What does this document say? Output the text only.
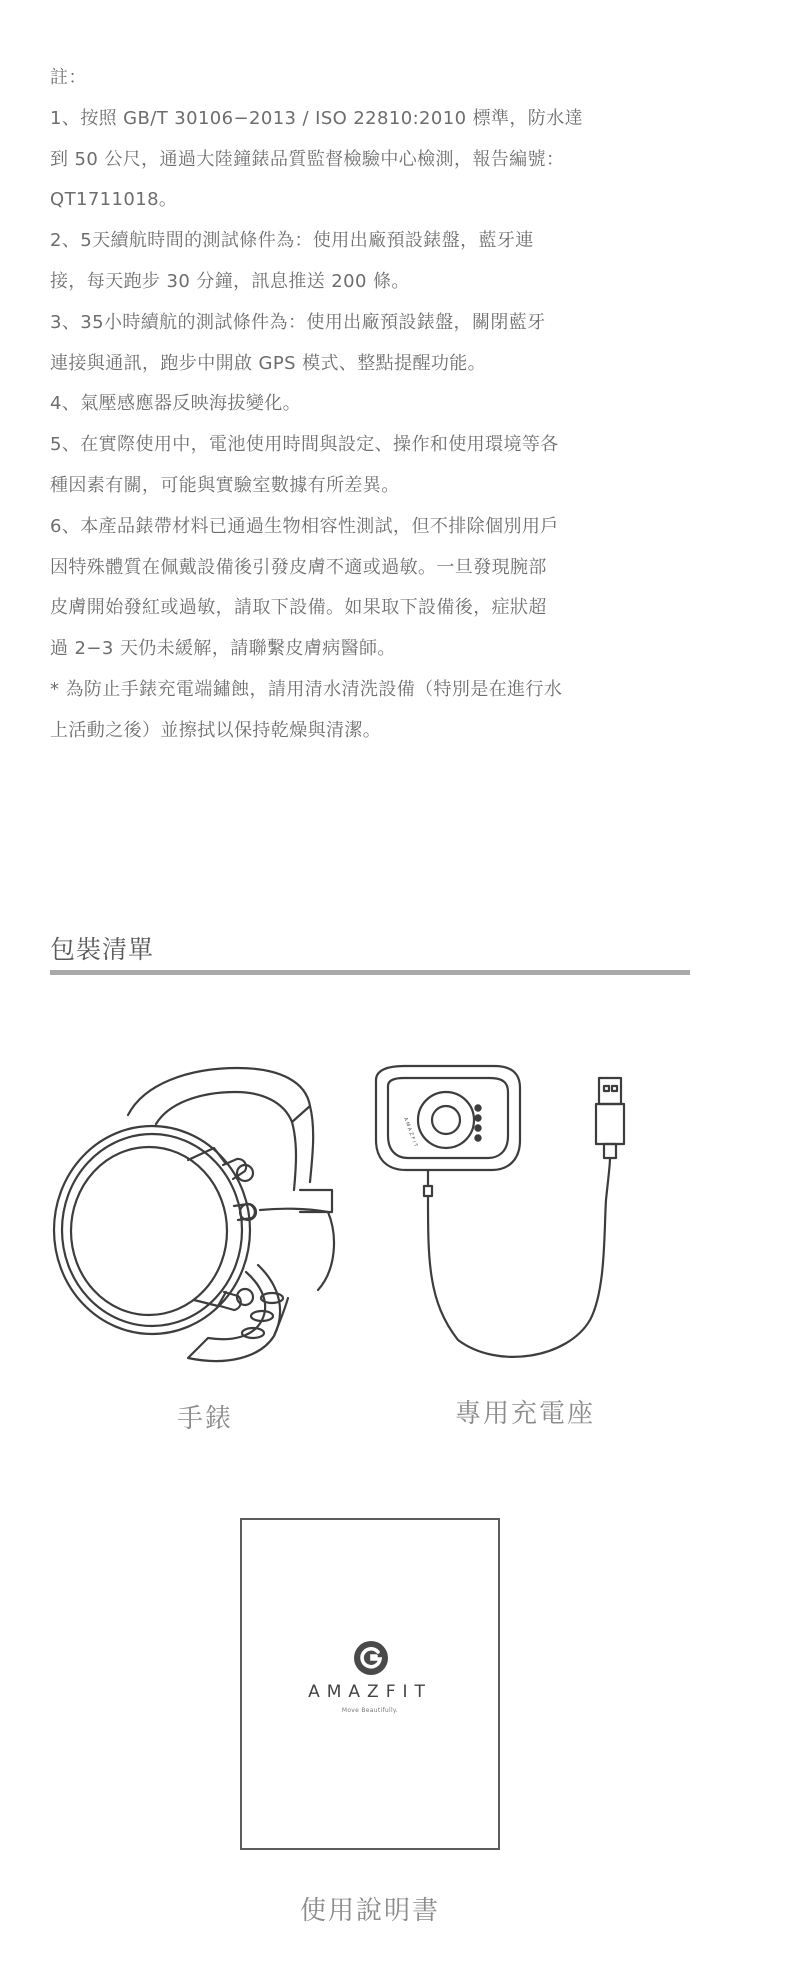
註：
1、按照 GB/T 30106−2013 / ISO 22810:2010 標準，防水達
到 50 公尺，通過大陸鐘錶品質監督檢驗中心檢測，報告編號：
QT1711018。
2、5天續航時間的測試條件為：使用出廠預設錶盤，藍牙連
接，每天跑步 30 分鐘，訊息推送 200 條。
3、35小時續航的測試條件為：使用出廠預設錶盤，關閉藍牙
連接與通訊，跑步中開啟 GPS 模式、整點提醒功能。
4、氣壓感應器反映海拔變化。
5、在實際使用中，電池使用時間與設定、操作和使用環境等各
種因素有關，可能與實驗室數據有所差異。
6、本產品錶帶材料已通過生物相容性測試，但不排除個別用戶
因特殊體質在佩戴設備後引發皮膚不適或過敏。一旦發現腕部
皮膚開始發紅或過敏，請取下設備。如果取下設備後，症狀超
過 2−3 天仍未緩解，請聯繫皮膚病醫師。
* 為防止手錶充電端鏽蝕，請用清水清洗設備（特別是在進行水
上活動之後）並擦拭以保持乾燥與清潔。
包裝清單
AMAZFIT
手錶	專用充電座
AMAZFIT
Move Beautifully.
使用說明書
